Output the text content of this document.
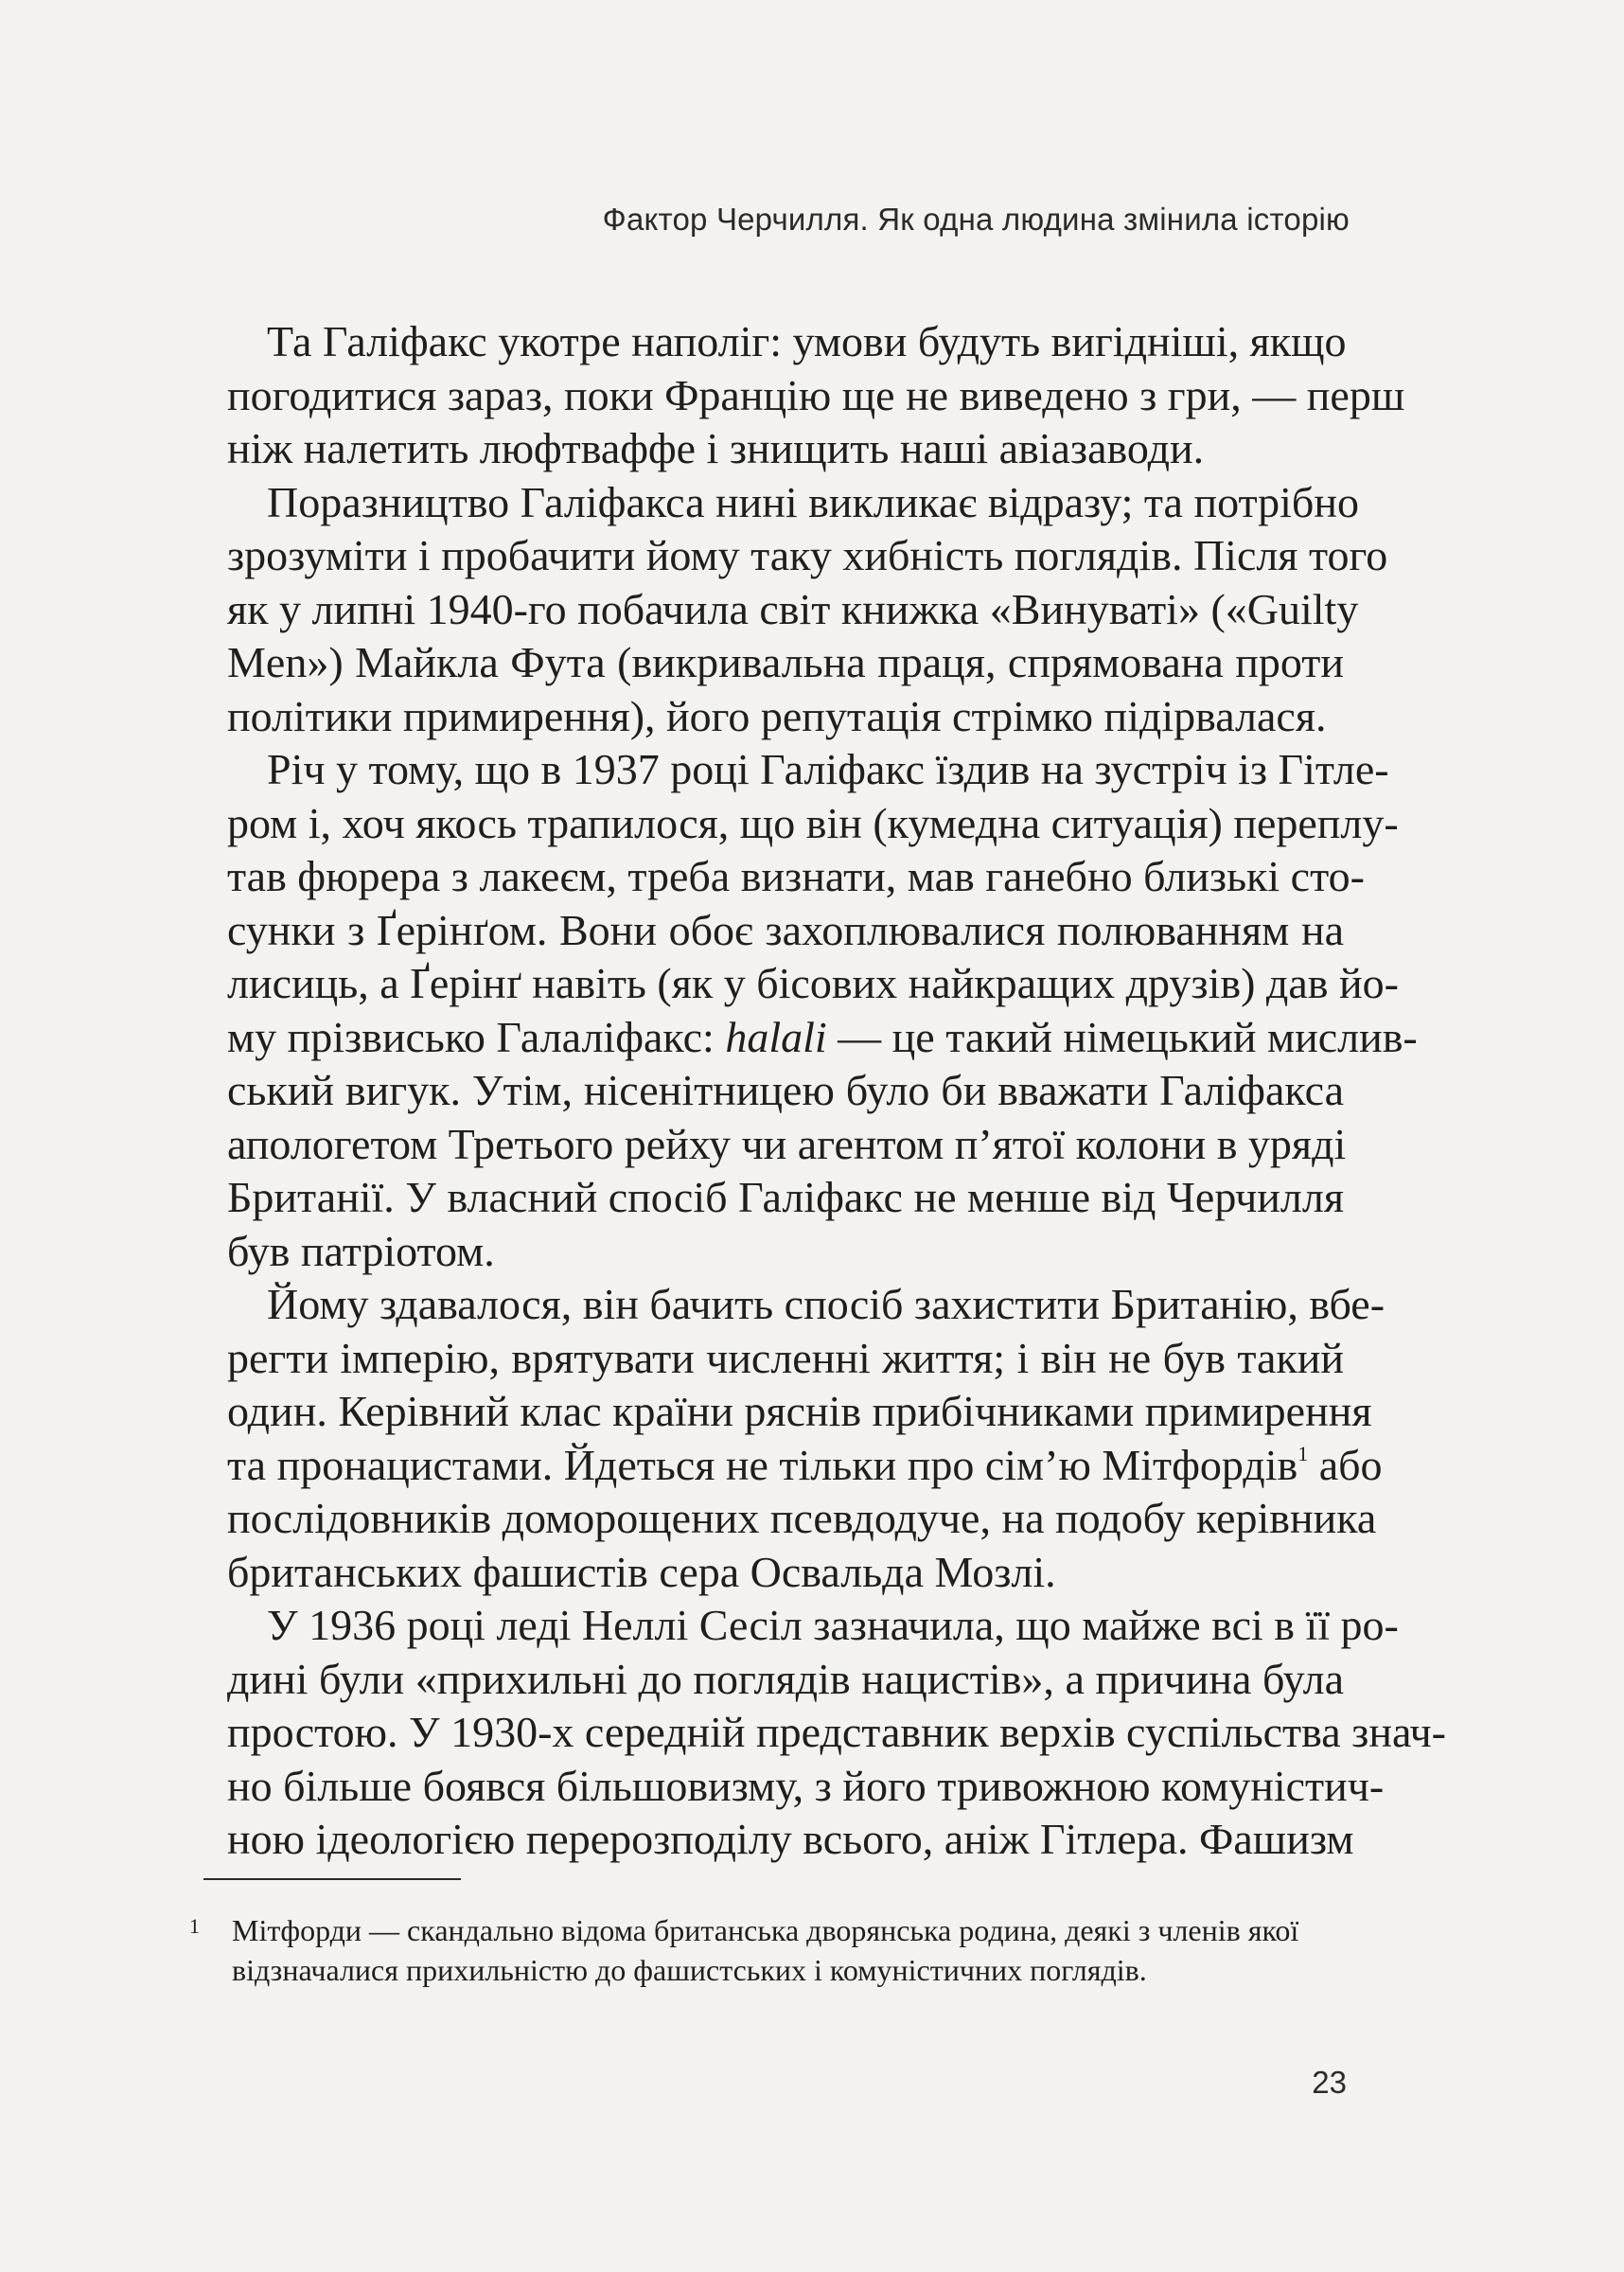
Фактор Черчилля. Як одна людина змінила історію

Та Галіфакс укотре наполіг: умови будуть вигідніші, якщо
погодитися зараз, поки Францію ще не виведено з гри, — перш
ніж налетить люфтваффе і знищить наші авіазаводи.

Поразництво Галіфакса нині викликає відразу; та потрібно
зрозуміти і пробачити йому таку хибність поглядів. Після того
як у липні 1940-го побачила світ книжка «Винуваті» («Guilty
Men») Майкла Фута (викривальна праця, спрямована проти
політики примирення), його репутація стрімко підірвалася.

Річ у тому, що в 1937 році Галіфакс їздив на зустріч із Гітле-
ром і, хоч якось трапилося, що він (кумедна ситуація) переплу-
тав фюрера з лакеєм, треба визнати, мав ганебно близькі сто-
сунки з Ґерінґом. Вони обоє захоплювалися полюванням на
лисиць, а Ґерінґ навіть (як у бісових найкращих друзів) дав йо-
му прізвисько Галаліфакс: halali — це такий німецький мислив-
ський вигук. Утім, нісенітницею було би вважати Галіфакса
апологетом Третього рейху чи агентом п’ятої колони в уряді
Британії. У власний спосіб Галіфакс не менше від Черчилля
був патріотом.

Йому здавалося, він бачить спосіб захистити Британію, вбе-
регти імперію, врятувати численні життя; і він не був такий
один. Керівний клас країни ряснів прибічниками примирення
та пронацистами. Йдеться не тільки про сім’ю Мітфордів$^1$ або
послідовників доморощених псевдодуче, на подобу керівника
британських фашистів сера Освальда Мозлі.

У 1936 році леді Неллі Сесіл зазначила, що майже всі в її ро-
дині були «прихильні до поглядів нацистів», а причина була
простою. У 1930-х середній представник верхів суспільства знач-
но більше боявся більшовизму, з його тривожною комуністич-
ною ідеологією перерозподілу всього, аніж Гітлера. Фашизм

1 Мітфорди — скандально відома британська дворянська родина, деякі з членів якої
відзначалися прихильністю до фашистських і комуністичних поглядів.
23
